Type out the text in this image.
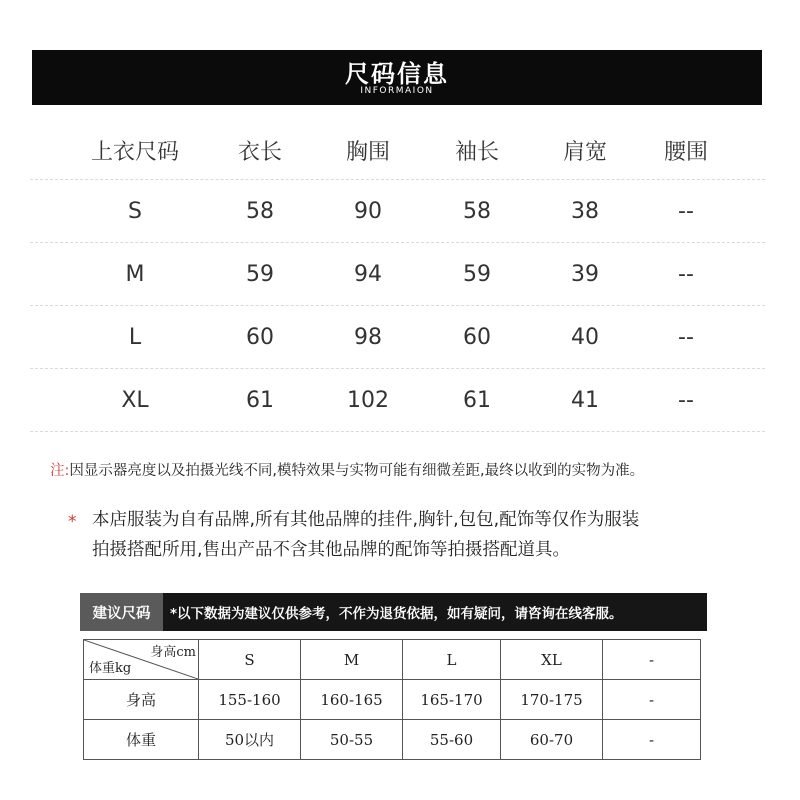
尺码信息
INFORMAION
上衣尺码	衣长	胸围	袖长	肩宽	腰围
S	58	90	58	38	--
M	59	94	59	39	--
L	60	98	60	40	--
XL	61	102	61	41	--
注:因显示器亮度以及拍摄光线不同,模特效果与实物可能有细微差距,最终以收到的实物为准。
* 本店服装为自有品牌,所有其他品牌的挂件,胸针,包包,配饰等仅作为服装
拍摄搭配所用,售出产品不含其他品牌的配饰等拍摄搭配道具。
建议尺码	*以下数据为建议仅供参考，不作为退货依据，如有疑问，请咨询在线客服。
身高cm
体重kg	S	M	L	XL	-
身高	155-160	160-165	165-170	170-175	-
体重	50以内	50-55	55-60	60-70	-
